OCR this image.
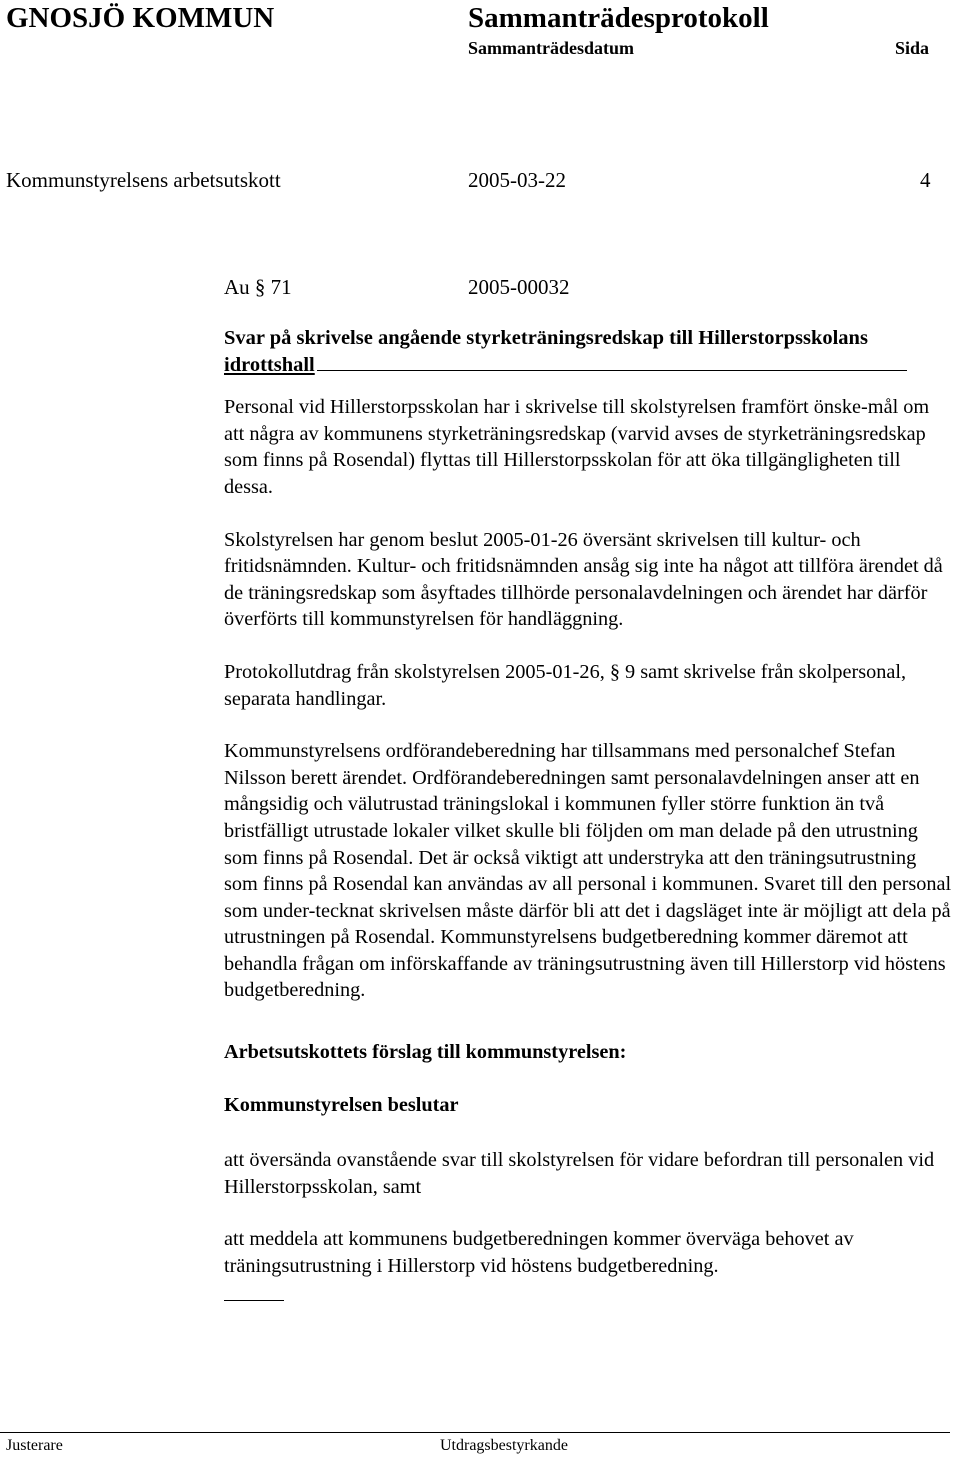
GNOSJÖ KOMMUN	Sammanträdesprotokoll
Sammanträdesdatum	Sida
Kommunstyrelsens arbetsutskott	2005-03-22	4
Au § 71	2005-00032

Svar på skrivelse angående styrketräningsredskap till Hillerstorpsskolans
idrottshall

Personal vid Hillerstorpsskolan har i skrivelse till skolstyrelsen framfört önske-mål om att några av kommunens styrketräningsredskap (varvid avses de styrketräningsredskap som finns på Rosendal) flyttas till Hillerstorpsskolan för att öka tillgängligheten till dessa.

Skolstyrelsen har genom beslut 2005-01-26 översänt skrivelsen till kultur- och fritidsnämnden. Kultur- och fritidsnämnden ansåg sig inte ha något att tillföra ärendet då de träningsredskap som åsyftades tillhörde personalavdelningen och ärendet har därför överförts till kommunstyrelsen för handläggning.

Protokollutdrag från skolstyrelsen 2005-01-26, § 9 samt skrivelse från skolpersonal, separata handlingar.

Kommunstyrelsens ordförandeberedning har tillsammans med personalchef Stefan Nilsson berett ärendet. Ordförandeberedningen samt personalavdelningen anser att en mångsidig och välutrustad träningslokal i kommunen fyller större funktion än två bristfälligt utrustade lokaler vilket skulle bli följden om man delade på den utrustning som finns på Rosendal. Det är också viktigt att understryka att den träningsutrustning som finns på Rosendal kan användas av all personal i kommunen. Svaret till den personal som under-tecknat skrivelsen måste därför bli att det i dagsläget inte är möjligt att dela på utrustningen på Rosendal. Kommunstyrelsens budgetberedning kommer däremot att behandla frågan om införskaffande av träningsutrustning även till Hillerstorp vid höstens budgetberedning.

Arbetsutskottets förslag till kommunstyrelsen:

Kommunstyrelsen beslutar

att översända ovanstående svar till skolstyrelsen för vidare befordran till personalen vid Hillerstorpsskolan, samt

att meddela att kommunens budgetberedningen kommer överväga behovet av träningsutrustning i Hillerstorp vid höstens budgetberedning.

Justerare	Utdragsbestyrkande
